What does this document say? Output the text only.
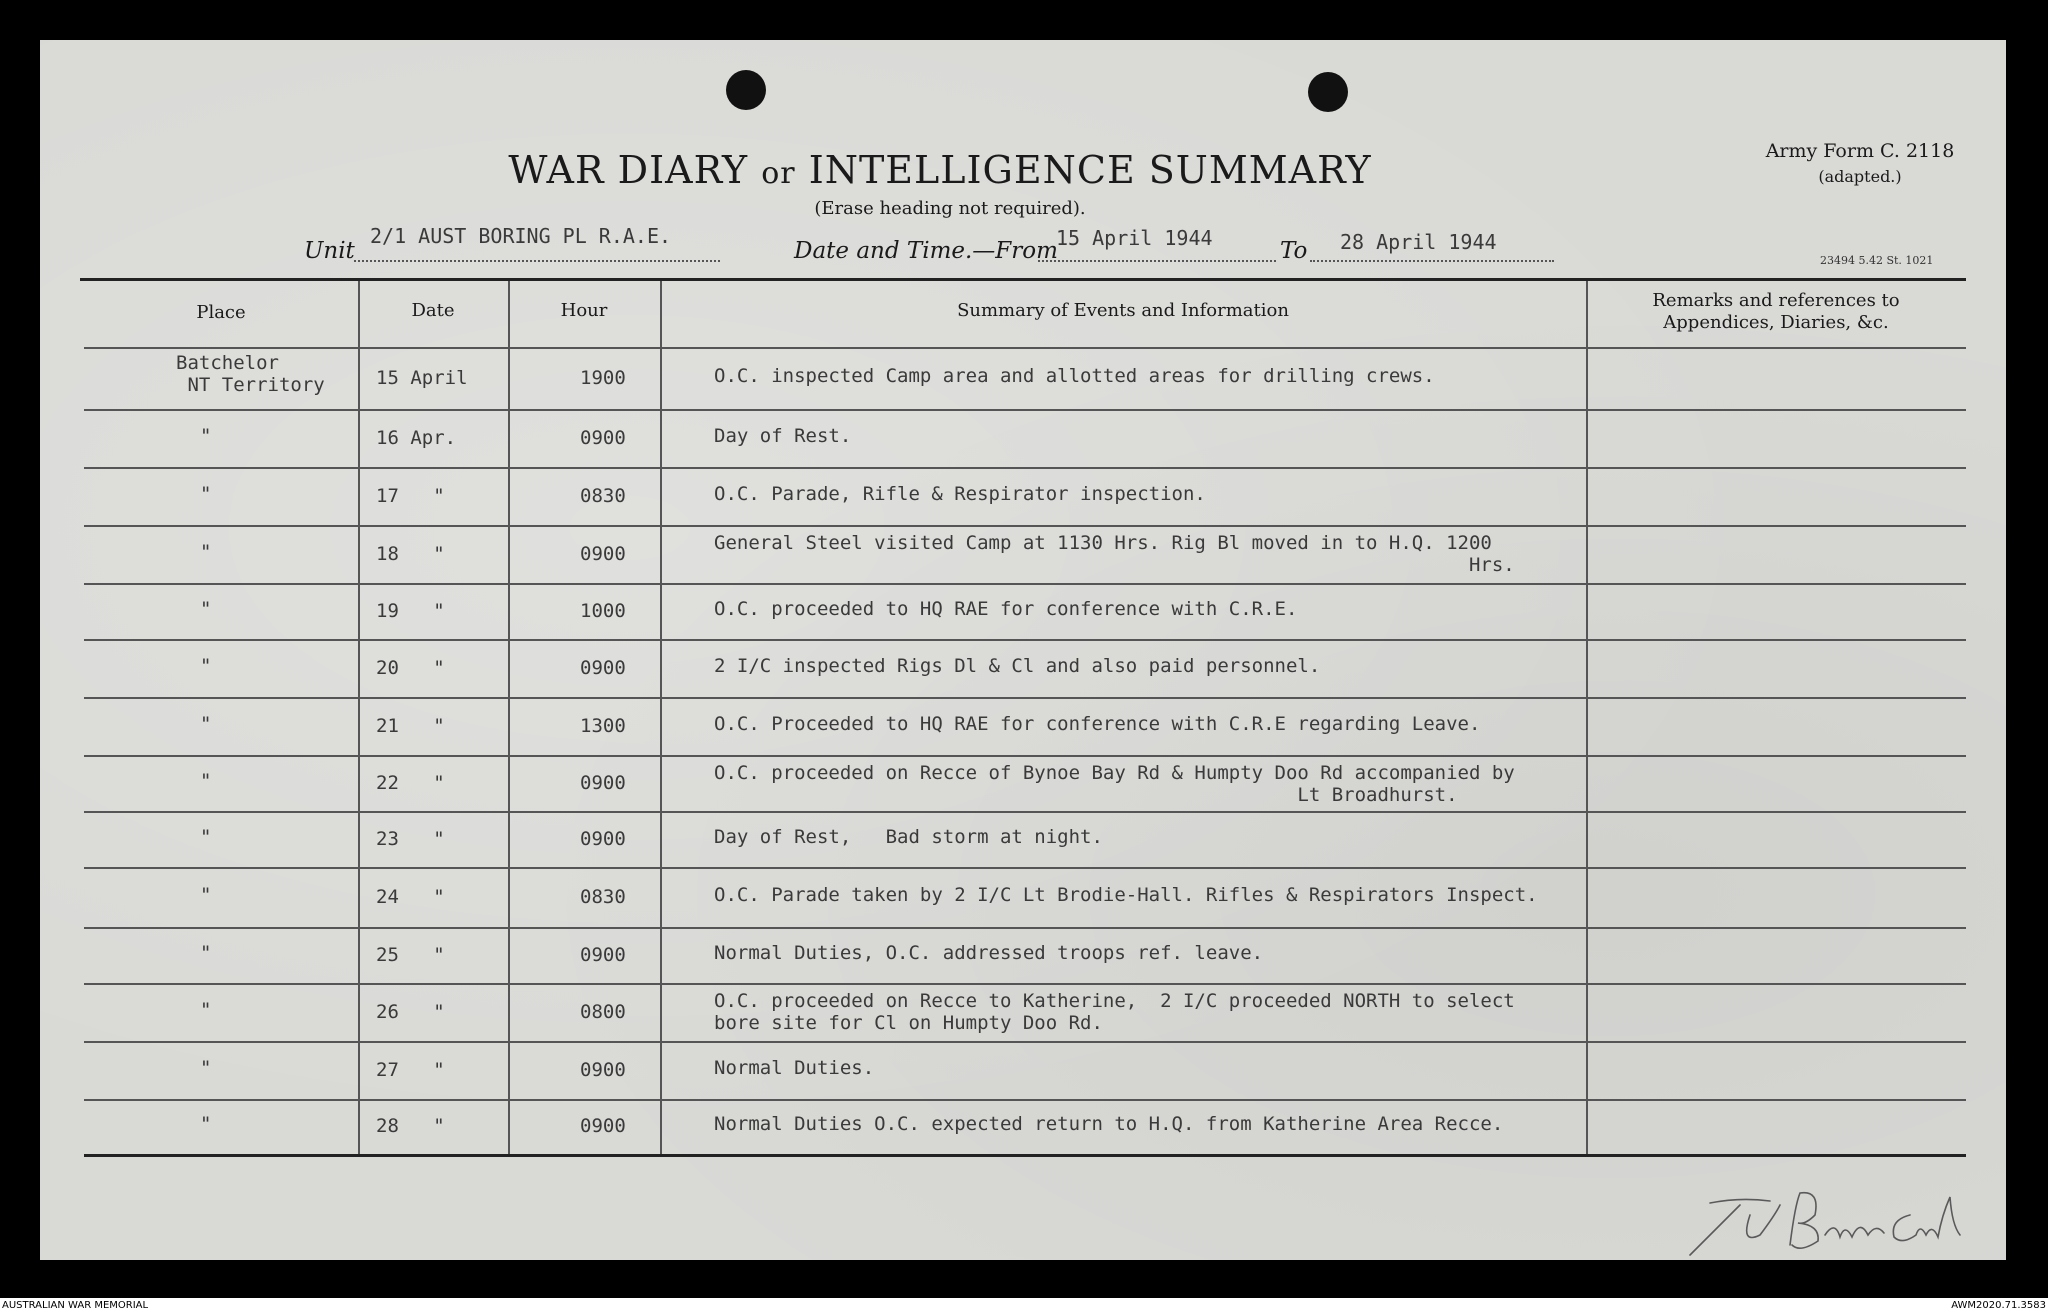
WAR DIARY or INTELLIGENCE SUMMARY
(Erase heading not required).
Army Form C. 2118
(adapted.)
23494 5.42 St. 1021
Unit
2/1 AUST BORING PL R.A.E.
Date and Time.—From
15 April 1944	To 28 April 1944
Place	Date	Hour	Summary of Events and Information	Remarks and references to
Appendices, Diaries, &c.
Batchelor
NT Territory	15 April	1900	O.C. inspected Camp area and allotted areas for drilling crews.
"	16 Apr.	0900	Day of Rest.
"	17   "	0830	O.C. Parade, Rifle & Respirator inspection.
"	18   "	0900	General Steel visited Camp at 1130 Hrs. Rig Bl moved in to H.Q. 1200
Hrs.
"	19   "	1000	O.C. proceeded to HQ RAE for conference with C.R.E.
"	20   "	0900	2 I/C inspected Rigs Dl & Cl and also paid personnel.
"	21   "	1300	O.C. Proceeded to HQ RAE for conference with C.R.E regarding Leave.
"	22   "	0900	O.C. proceeded on Recce of Bynoe Bay Rd & Humpty Doo Rd accompanied by
Lt Broadhurst.
"	23   "	0900	Day of Rest,   Bad storm at night.
"	24   "	0830	O.C. Parade taken by 2 I/C Lt Brodie-Hall. Rifles & Respirators Inspect.
"	25   "	0900	Normal Duties, O.C. addressed troops ref. leave.
"	26   "	0800	O.C. proceeded on Recce to Katherine,  2 I/C proceeded NORTH to select
bore site for Cl on Humpty Doo Rd.
"	27   "	0900	Normal Duties.
"	28   "	0900	Normal Duties O.C. expected return to H.Q. from Katherine Area Recce.
AUSTRALIAN WAR MEMORIAL	AWM2020.71.3583
